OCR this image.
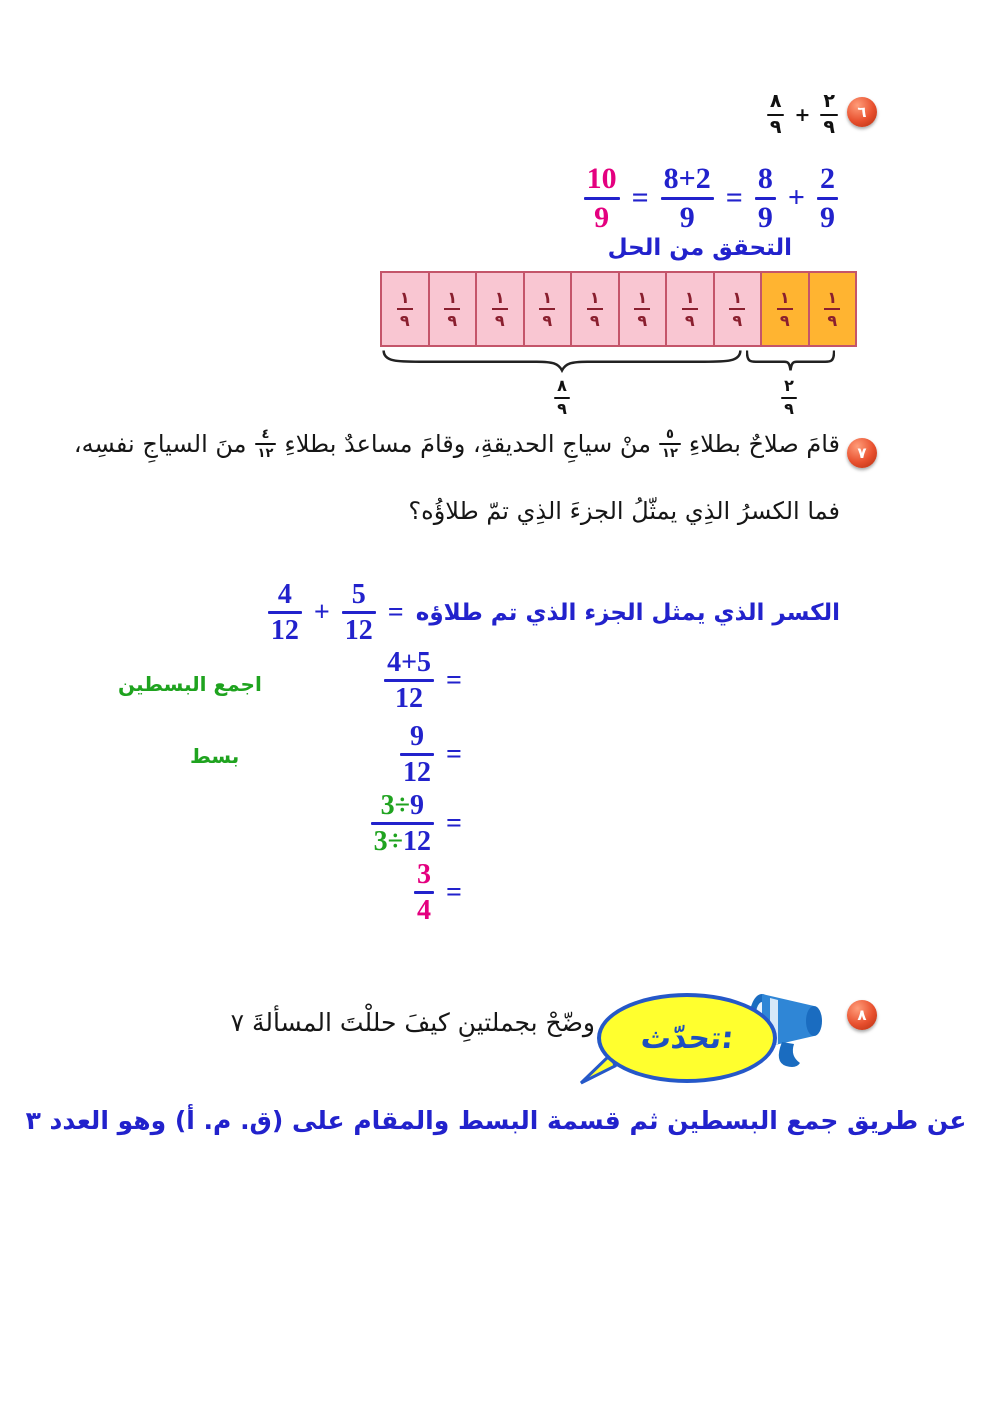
٦
$\frac{٨}{٩} + \frac{٢}{٩}$
$\frac{10}{9} = \frac{8+2}{9} = \frac{8}{9} + \frac{2}{9}$
التحقق من الحل
١
٩
١
٩
١
٩
١
٩
١
٩
١
٩
١
٩
١
٩
١
٩
١
٩
$\frac{٨}{٩}$	$\frac{٢}{٩}$
٧
قامَ صلاحٌ بطلاءِ
$\frac{٥}{١٢}$
منْ سياجِ الحديقةِ، وقامَ مساعدٌ بطلاءِ
$\frac{٤}{١٢}$
منَ السياجِ نفسِه،
فما الكسرُ الذِي يمثّلُ الجزءَ الذِي تمّ طلاؤُه؟
الكسر الذي يمثل الجزء الذي تم طلاؤه
=
$\frac{5}{12}$
+
$\frac{4}{12}$
=
$\frac{4+5}{12}$
اجمع البسطين
=
$\frac{9}{12}$
بسط
=
$\frac{3\div 9}{3\div 12}$
=
$\frac{3}{4}$
تحدّث:
٨
وضّحْ بجملتينِ كيفَ حللْتَ المسألةَ ٧
عن طريق جمع البسطين ثم قسمة البسط والمقام على (ق. م. أ) وهو العدد ٣
